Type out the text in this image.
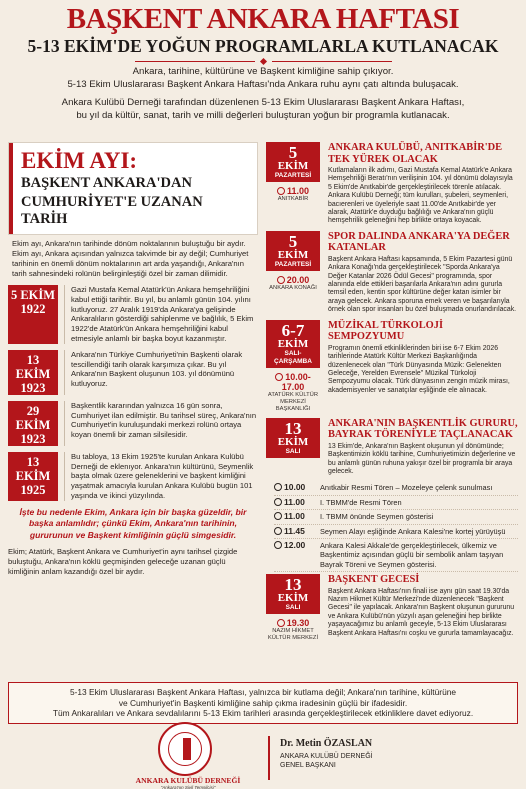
BAŞKENT ANKARA HAFTASI
5-13 EKİM'DE YOĞUN PROGRAMLARLA KUTLANACAK

Ankara, tarihine, kültürüne ve Başkent kimliğine sahip çıkıyor.

5-13 Ekim Uluslararası Başkent Ankara Haftası'nda Ankara ruhu aynı çatı altında buluşacak.

Ankara Kulübü Derneği tarafından düzenlenen 5-13 Ekim Uluslararası Başkent Ankara Haftası,

bu yıl da kültür, sanat, tarih ve milli değerleri buluşturan yoğun bir programla kutlanacak.

EKİM AYI:
BAŞKENT ANKARA'DAN
CUMHURİYET'E UZANAN TARİH
Ekim ayı, Ankara'nın tarihinde dönüm noktalarının buluştuğu bir aydır. Ekim ayı, Ankara açısından yalnızca takvimde bir ay değil; Cumhuriyet tarihinin en önemli dönüm noktalarının art arda yaşandığı, Ankara'nın tarih sahnesindeki rolünün belirginleştiği özel bir zaman dilimidir.
5 EKİM 1922
Gazi Mustafa Kemal Atatürk'ün Ankara hemşehriliğini kabul ettiği tarihtir. Bu yıl, bu anlamlı günün 104. yılını kutluyoruz. 27 Aralık 1919'da Ankara'ya gelişinde Ankaralıların gösterdiği sahiplenme ve bağlılık, 5 Ekim 1922'de Atatürk'ün Ankara hemşehriliğini kabul etmesiyle anlamlı bir başka boyut kazanmıştır.
13 EKİM 1923
Ankara'nın Türkiye Cumhuriyeti'nin Başkenti olarak tescillendiği tarih olarak karşımıza çıkar. Bu yıl Ankara'nın Başkent oluşunun 103. yıl dönümünü kutluyoruz.
29 EKİM 1923
Başkentlik kararından yalnızca 16 gün sonra, Cumhuriyet ilan edilmiştir. Bu tarihsel süreç, Ankara'nın Cumhuriyet'in kuruluşundaki merkezi rolünü ortaya koyan önemli bir zaman silsilesidir.
13 EKİM 1925
Bu tabloya, 13 Ekim 1925'te kurulan Ankara Kulübü Derneği de eklenıyor. Ankara'nın kültürünü, Seymenlik başta olmak üzere geleneklerini ve başkent kimliğini yaşatmak amacıyla kurulan Ankara Kulübü bugün 101 yaşında ve ikinci yüzyılında.
İşte bu nedenle Ekim, Ankara için bir başka güzeldir, bir başka anlamlıdır; çünkü Ekim, Ankara'nın tarihinin, gururunun ve Başkent kimliğinin güçlü simgesidir.
Ekim; Atatürk, Başkent Ankara ve Cumhuriyet'in aynı tarihsel çizgide buluştuğu, Ankara'nın köklü geçmişinden geleceğe uzanan güçlü kimliğinin anlam kazandığı özel bir aydır.
5
EKİM
PAZARTESİ
11.00
ANITKABİR
ANKARA KULÜBÜ, ANITKABİR'DE TEK YÜREK OLACAK
Kutlamaların ilk adımı, Gazi Mustafa Kemal Atatürk'e Ankara Hemşehriliği Beratı'nın verilişinin 104. yıl dönümü dolayısıyla 5 Ekim'de Anıtkabir'de gerçekleştirilecek törenle atılacak. Ankara Kulübü Derneği; tüm kurulları, şubeleri, seymenleri, bacıerenleri ve üyeleriyle saat 11.00'de Anıtkabir'de yer alarak, Atatürk'e duyduğu bağlılığı ve Ankara'nın güçlü hemşehrilik geleneğini hep birlikte ortaya koyacak.
5
EKİM
PAZARTESİ
20.00
ANKARA KONAĞI
SPOR DALINDA ANKARA'YA DEĞER KATANLAR
Başkent Ankara Haftası kapsamında, 5 Ekim Pazartesi günü Ankara Konağı'nda gerçekleştirilecek "Sporda Ankara'ya Değer Katanlar 2026 Ödül Gecesi" programında, spor alanında elde ettikleri başarılarla Ankara'nın adını gururla temsil eden, kentin spor kültürüne değer katan isimler bir araya gelecek. Ankara sporuna emek veren ve başarılarıyla örnek olan spor insanları bu özel buluşmada onurlandırılacak.
6-7
EKİM
SALI-ÇARŞAMBA
10.00-17.00
ATATÜRK KÜLTÜR MERKEZİ BAŞKANLIĞI
MÜZİKAL TÜRKOLOJİ SEMPOZYUMU
Programın önemli etkinliklerinden biri ise 6-7 Ekim 2026 tarihlerinde Atatürk Kültür Merkezi Başkanlığında düzenlenecek olan "Türk Dünyasında Müzik: Gelenekten Geleceğe, Yerelden Evrensele" Müzikal Türkoloji Sempozyumu olacak. Türk dünyasının zengin müzik mirası, akademisyenler ve sanatçılar eşliğinde ele alınacak.
13
EKİM
SALI
ANKARA'NIN BAŞKENTLİK GURURU, BAYRAK TÖRENİYLE TAÇLANACAK
13 Ekim'de, Ankara'nın Başkent oluşunun yıl dönümünde; Başkentimizin köklü tarihine, Cumhuriyetimizin değerlerine ve bu anlamlı günün ruhuna yakışır özel bir programla bir araya gelecek.
10.00	Anıtkabir Resmi Tören – Mozeleye çelenk sunulması
11.00	I. TBMM'de Resmi Tören
11.00	I. TBMM önünde Seymen gösterisi
11.45	Seymen Alayı eşliğinde Ankara Kalesi'ne kortej yürüyüşü
12.00	Ankara Kalesi Akkale'de gerçekleştirilecek, ülkemiz ve Başkentimiz açısından güçlü bir sembolik anlam taşıyan Bayrak Töreni ve Seymen gösterisi.
13
EKİM
SALI
19.30
NAZIM HİKMET KÜLTÜR MERKEZİ
BAŞKENT GECESİ
Başkent Ankara Haftası'nın finali ise aynı gün saat 19.30'da Nazım Hikmet Kültür Merkezi'nde düzenlenecek "Başkent Gecesi" ile yapılacak. Ankara'nın Başkent oluşunun gururunu ve Ankara Kulübü'nün yüzyılı aşan geleneğini hep birlikte yaşayacağımız bu anlamlı geceyle, 5-13 Ekim Uluslararası Başkent Ankara Haftası'nı coşku ve gururla tamamlayacağız.
5-13 Ekim Uluslararası Başkent Ankara Haftası, yalnızca bir kutlama değil; Ankara'nın tarihine, kültürüne
ve Cumhuriyet'in Başkenti kimliğine sahip çıkma iradesinin güçlü bir ifadesidir.
Tüm Ankaralıları ve Ankara sevdalılarını 5-13 Ekim tarihleri arasında gerçekleştirilecek etkinliklere davet ediyoruz.
ANKARA KULÜBÜ DERNEĞİ
"Ankara'nın Sivil Temsilcisi"
Dr. Metin ÖZASLAN
ANKARA KULÜBÜ DERNEĞİ
GENEL BAŞKANI
